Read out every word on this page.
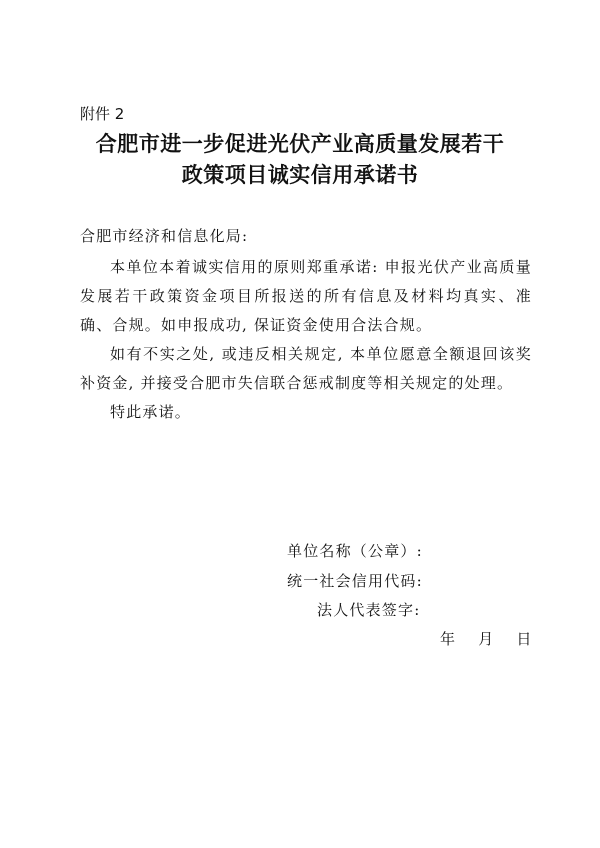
附件 2
合肥市进一步促进光伏产业高质量发展若干
政策项目诚实信用承诺书
合肥市经济和信息化局:
本单位本着诚实信用的原则郑重承诺: 申报光伏产业高质量发展若干政策资金项目所报送的所有信息及材料均真实、准确、合规。如申报成功, 保证资金使用合法合规。
如有不实之处, 或违反相关规定, 本单位愿意全额退回该奖补资金, 并接受合肥市失信联合惩戒制度等相关规定的处理。
特此承诺。
单位名称（公章）:
统一社会信用代码:
法人代表签字:
年 月 日
